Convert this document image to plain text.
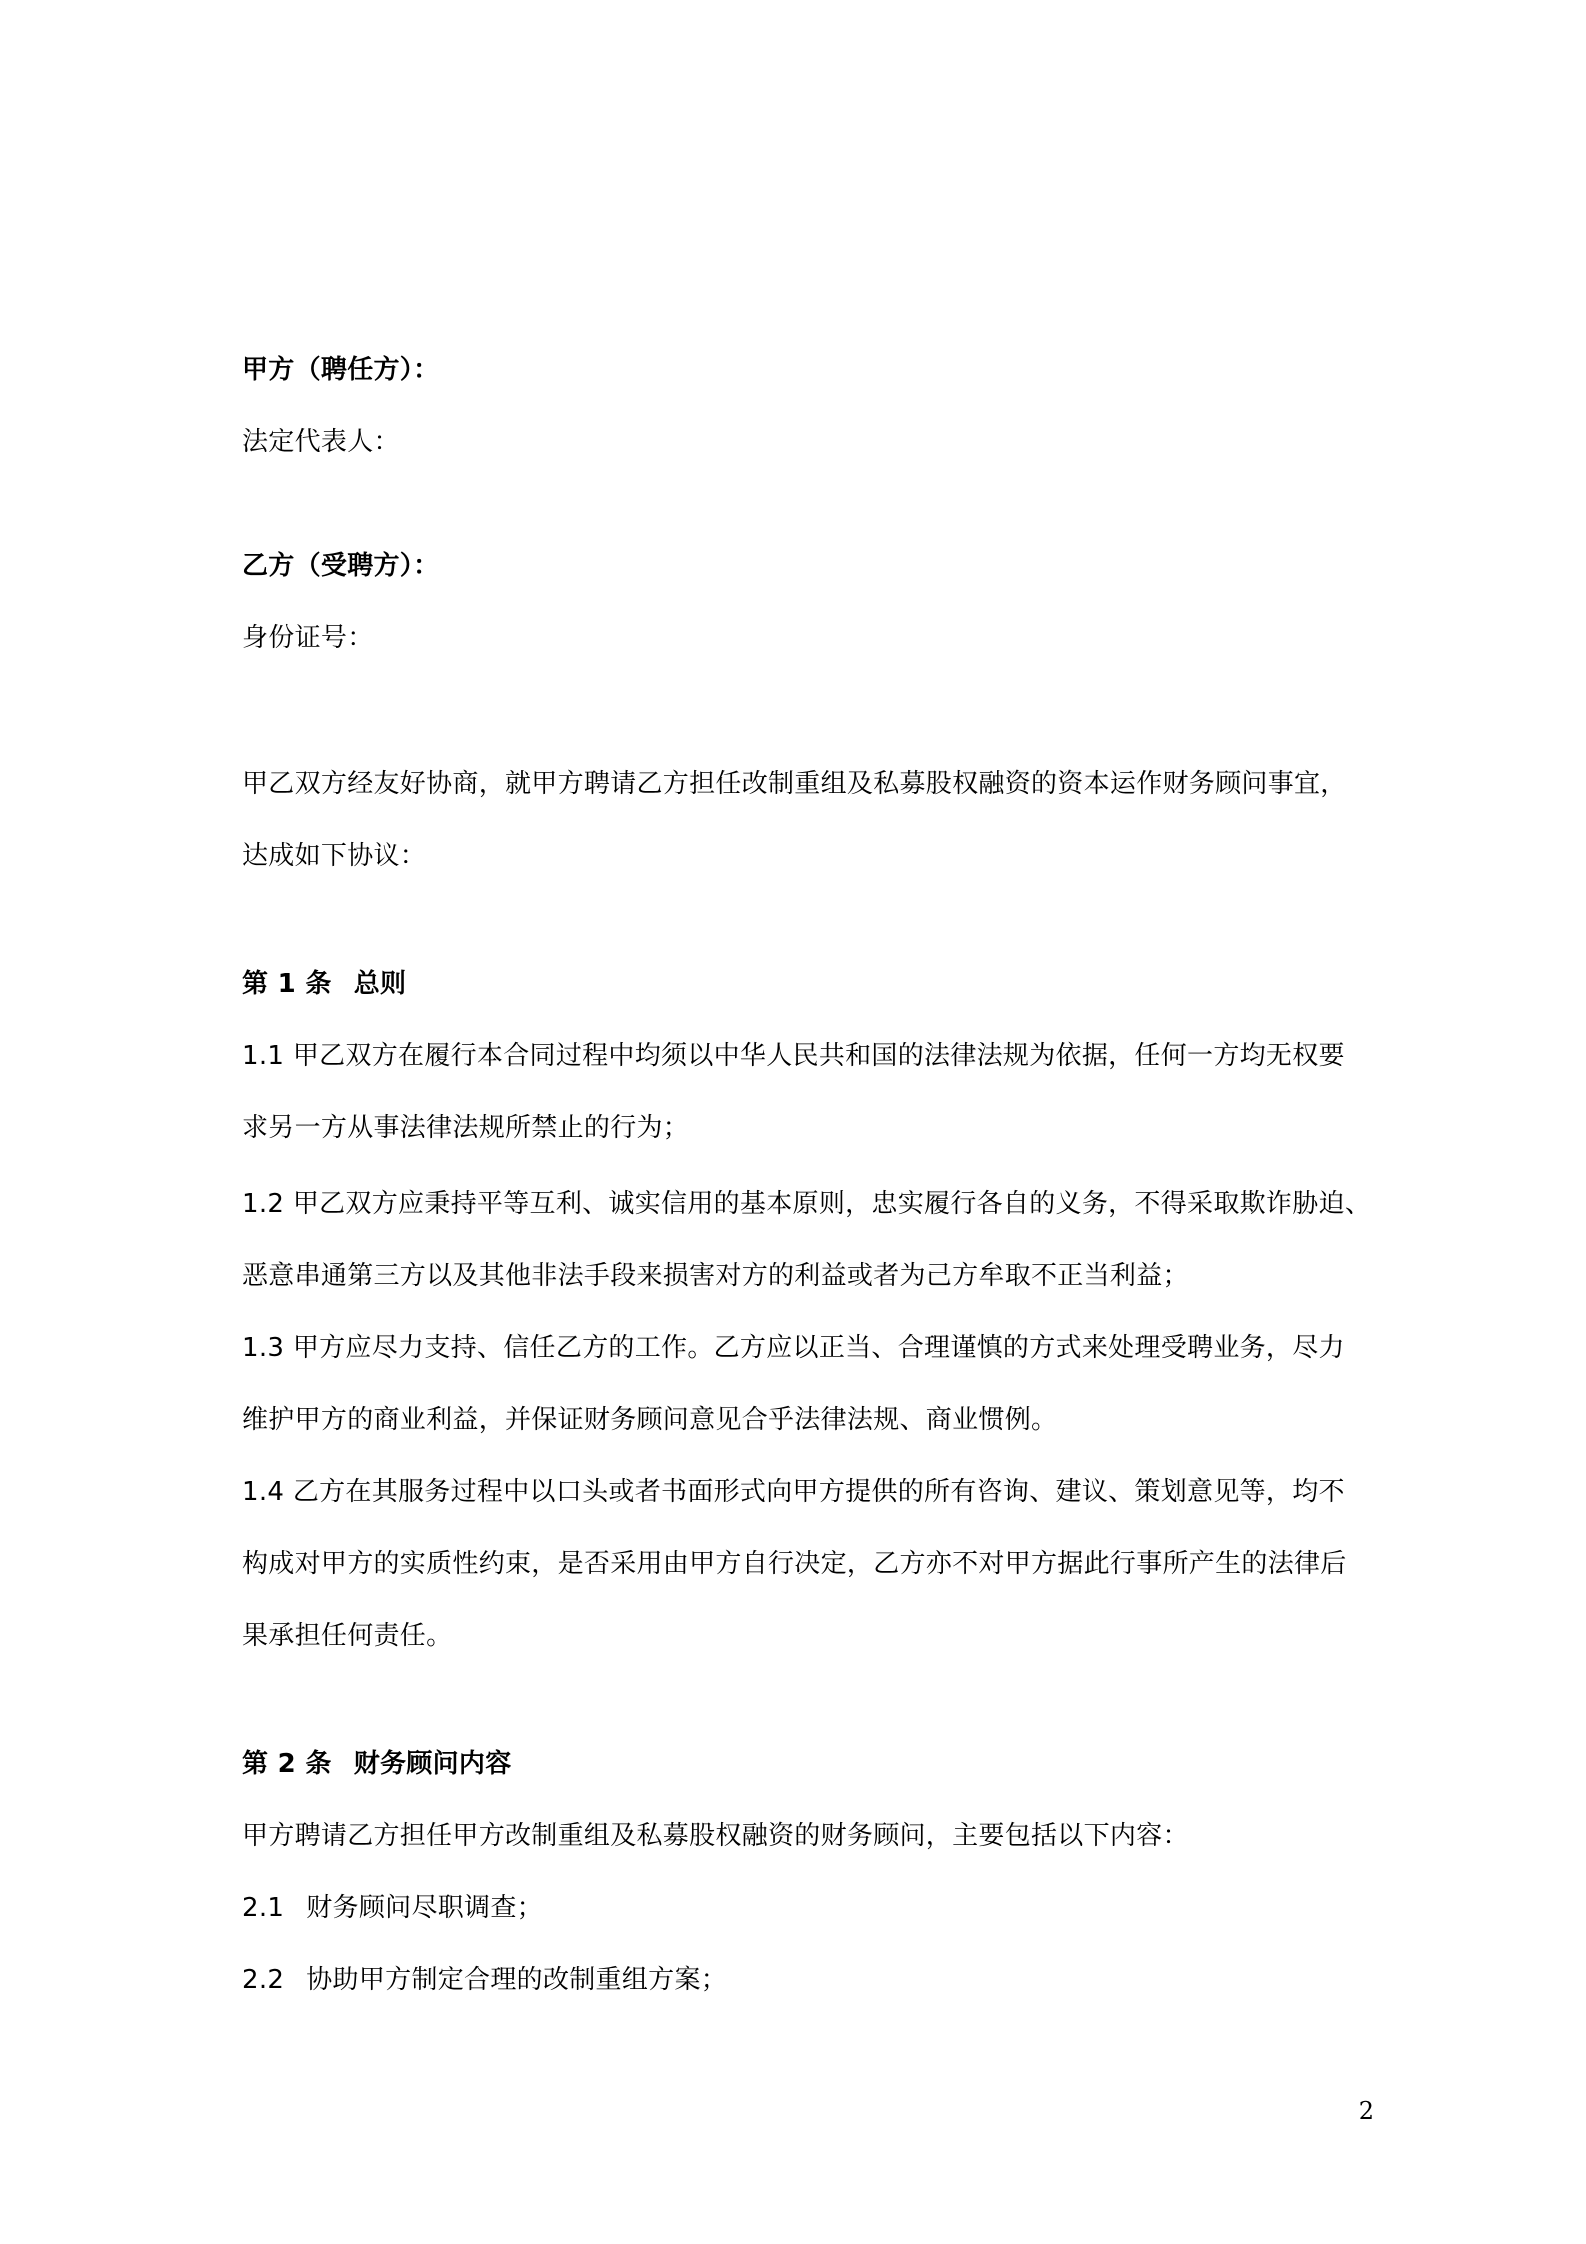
甲方（聘任方）：
法定代表人：
乙方（受聘方）：
身份证号：
甲乙双方经友好协商，就甲方聘请乙方担任改制重组及私募股权融资的资本运作财务顾问事宜，
达成如下协议：
第 1 条 总则
1.1 甲乙双方在履行本合同过程中均须以中华人民共和国的法律法规为依据，任何一方均无权要
求另一方从事法律法规所禁止的行为；
1.2 甲乙双方应秉持平等互利、诚实信用的基本原则，忠实履行各自的义务，不得采取欺诈胁迫、
恶意串通第三方以及其他非法手段来损害对方的利益或者为己方牟取不正当利益；
1.3 甲方应尽力支持、信任乙方的工作。乙方应以正当、合理谨慎的方式来处理受聘业务，尽力
维护甲方的商业利益，并保证财务顾问意见合乎法律法规、商业惯例。
1.4 乙方在其服务过程中以口头或者书面形式向甲方提供的所有咨询、建议、策划意见等，均不
构成对甲方的实质性约束，是否采用由甲方自行决定，乙方亦不对甲方据此行事所产生的法律后
果承担任何责任。
第 2 条 财务顾问内容
甲方聘请乙方担任甲方改制重组及私募股权融资的财务顾问，主要包括以下内容：
2.1 财务顾问尽职调查；
2.2 协助甲方制定合理的改制重组方案；
2
